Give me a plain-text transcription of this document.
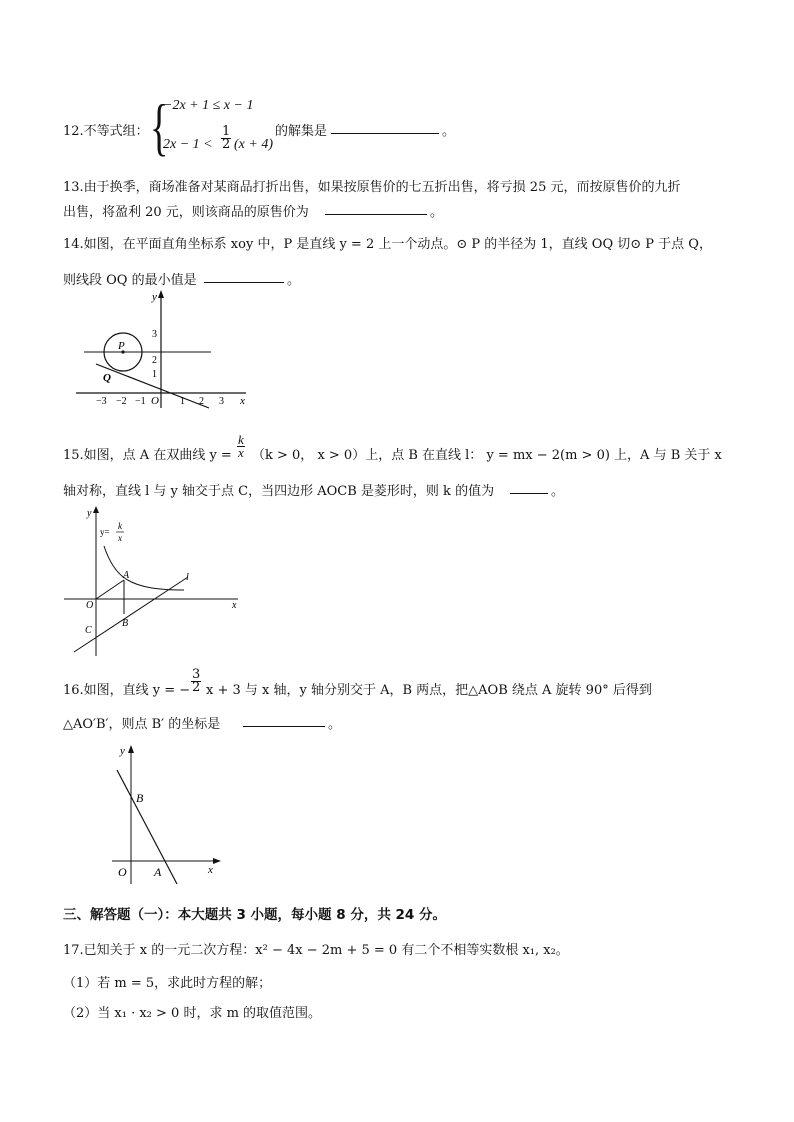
12.不等式组： {
−2x + 1 ≤ x − 1
$2x - 1 < \frac{1}{2} (x + 4)$
的解集是	。
13.由于换季，商场准备对某商品打折出售，如果按原售价的七五折出售，将亏损 25 元，而按原售价的九折
出售，将盈利 20 元，则该商品的原售价为	。
14.如图，在平面直角坐标系 xoy 中，P 是直线 y = 2 上一个动点。⊙ P 的半径为 1，直线 OQ 切⊙ P 于点 Q，
则线段 OQ 的最小值是	。
y
x
O
P
Q
3
2
1
−3 −2 −1	1 2 3
15.如图，点 A 在双曲线 $y = \frac{k}{x} (k > 0$， x > 0）上，点 B 在直线 l： y = mx − 2(m > 0) 上，A 与 B 关于 x
轴对称，直线 l 与 y 轴交于点 C，当四边形 AOCB 是菱形时，则 k 的值为	。
y
x
O
A
B
C
l
y=
k
x
16.如图，直线 y = − $\frac{3}{2}$ x + 3 与 x 轴，y 轴分别交于 A，B 两点，把△AOB 绕点 A 旋转 90° 后得到
△AO′B′，则点 B′ 的坐标是	。
y
x
O A
B
三、解答题（一）：本大题共 3 小题，每小题 8 分，共 24 分。
17.已知关于 x 的一元二次方程：x² − 4x − 2m + 5 = 0 有二个不相等实数根 x₁, x₂。
（1）若 m = 5，求此时方程的解；
（2）当 x₁ · x₂ > 0 时，求 m 的取值范围。
